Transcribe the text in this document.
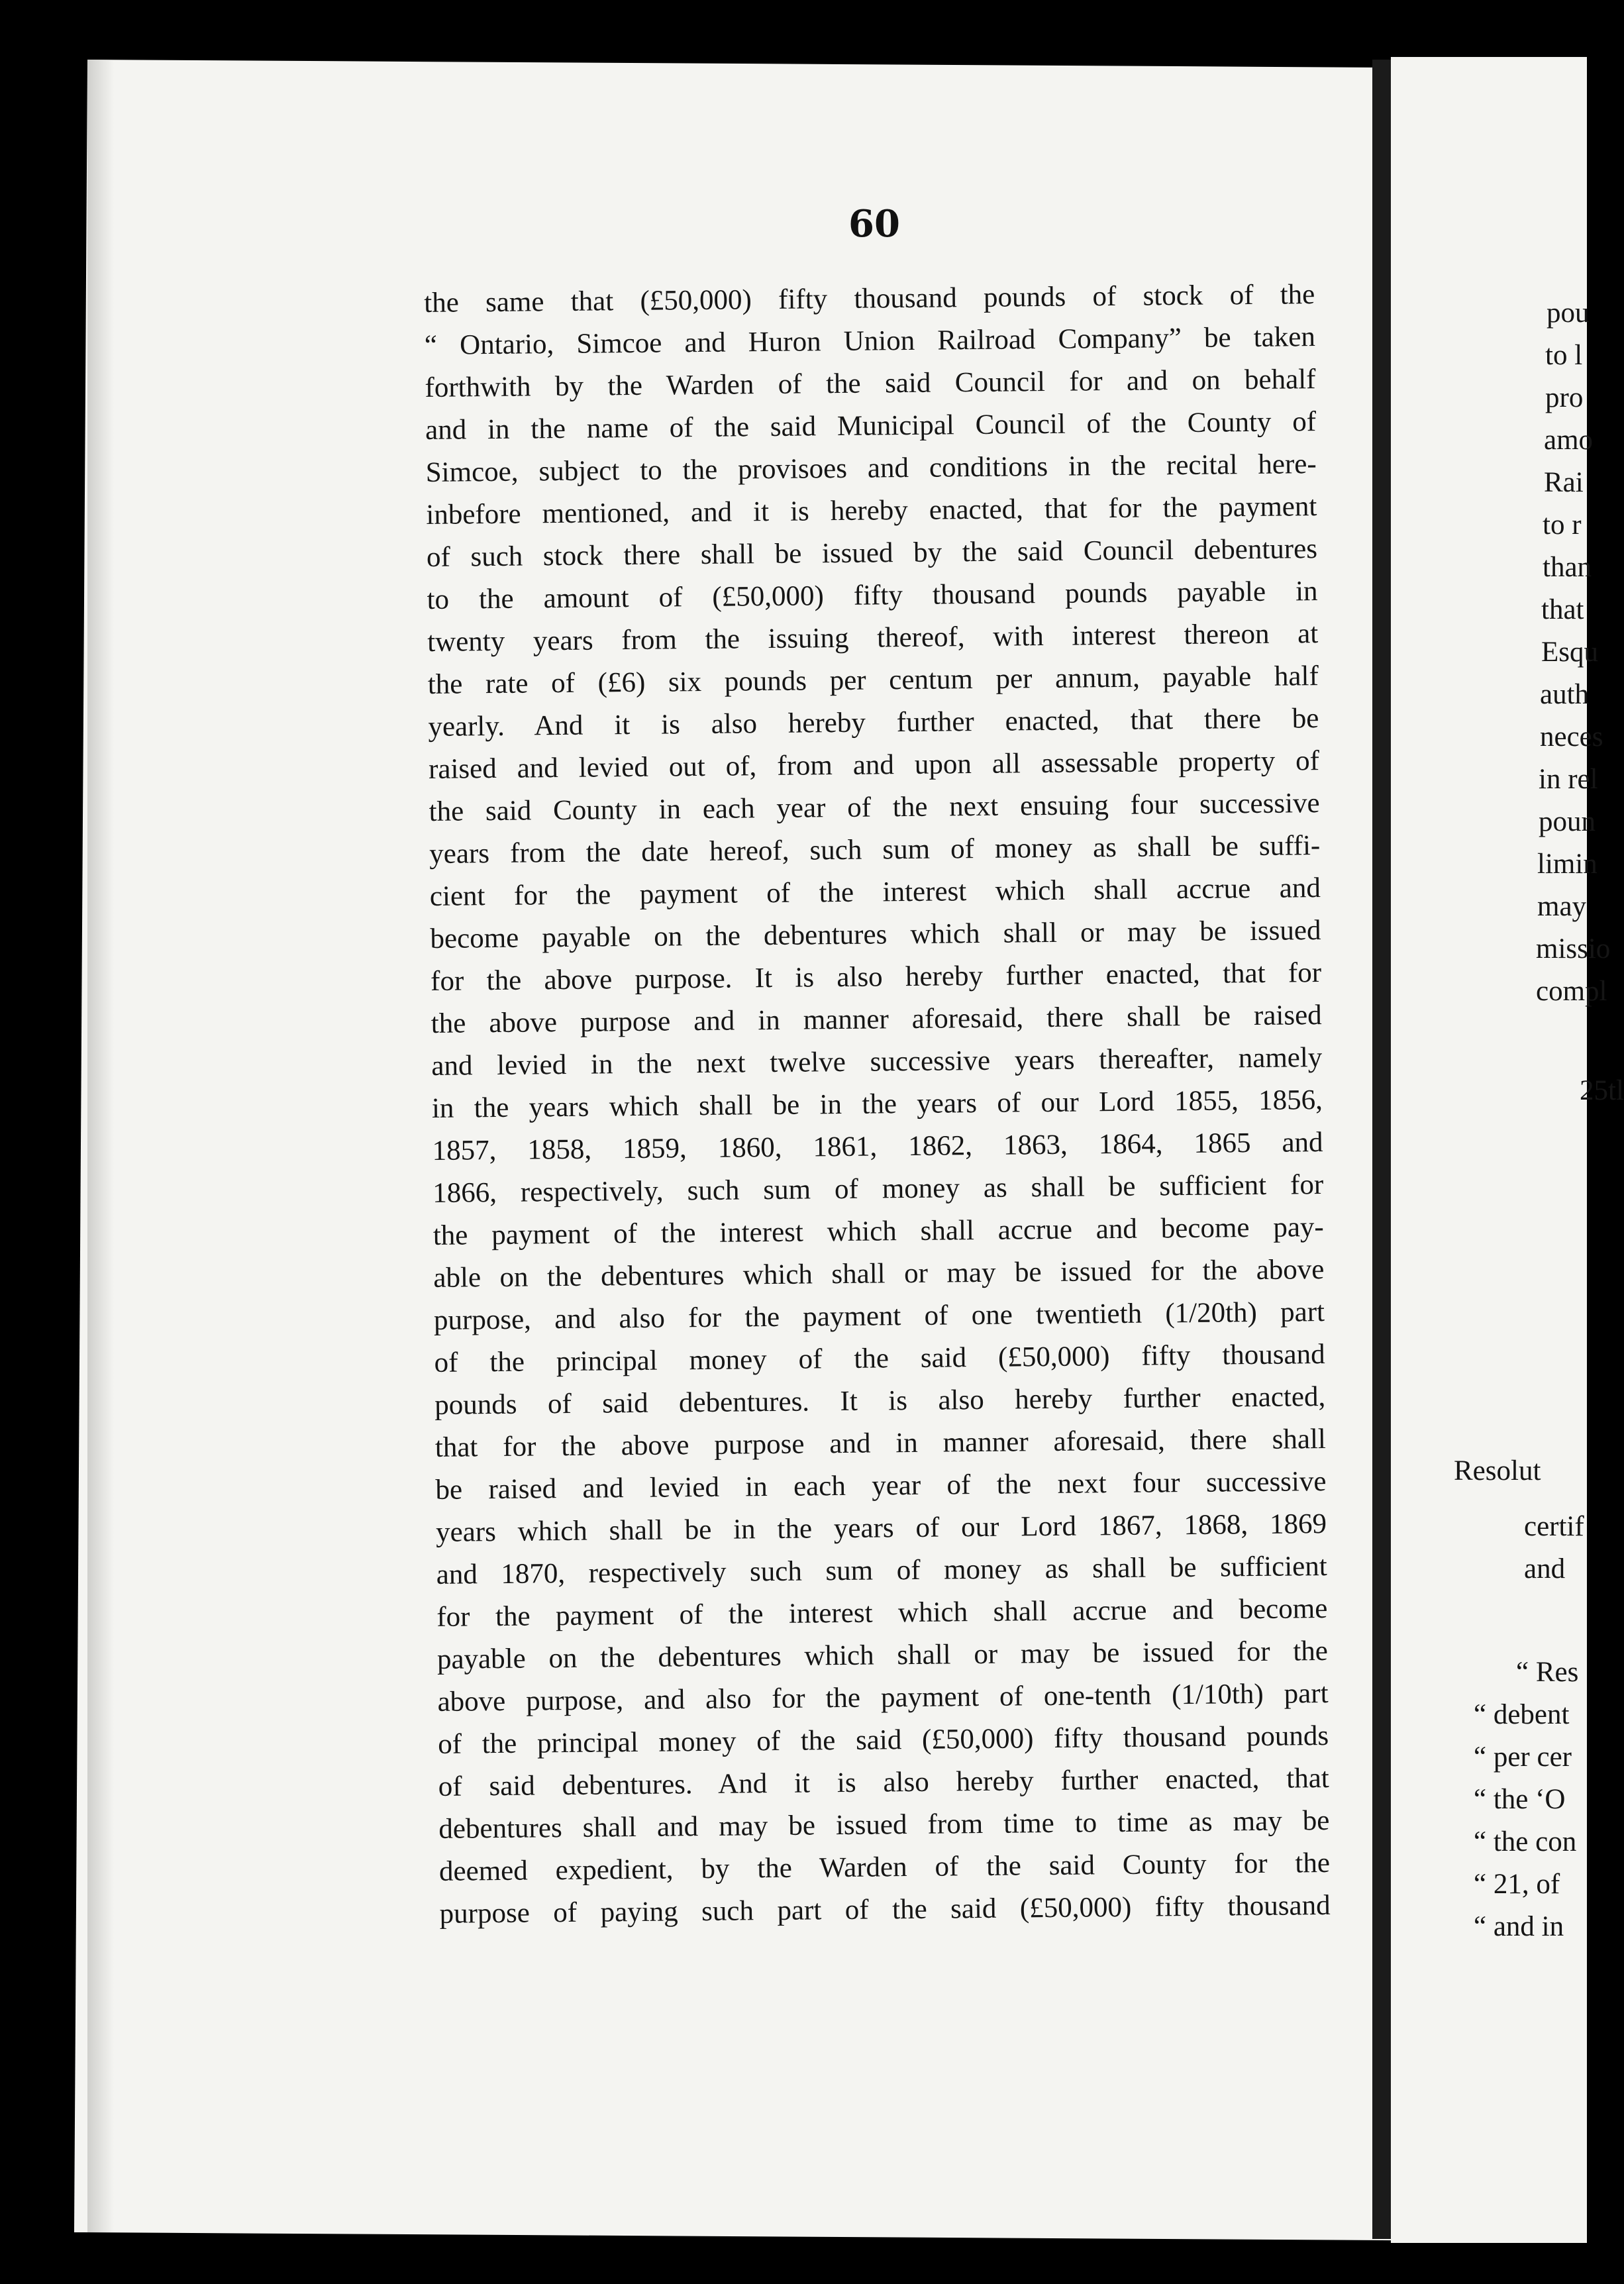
60
the same that (£50,000) fifty thousand pounds of stock of the
“ Ontario, Simcoe and Huron Union Railroad Company” be taken
forthwith by the Warden of the said Council for and on behalf
and in the name of the said Municipal Council of the County of
Simcoe, subject to the provisoes and conditions in the recital here-
inbefore mentioned, and it is hereby enacted, that for the payment
of such stock there shall be issued by the said Council debentures
to the amount of (£50,000) fifty thousand pounds payable in
twenty years from the issuing thereof, with interest thereon at
the rate of (£6) six pounds per centum per annum, payable half
yearly. And it is also hereby further enacted, that there be
raised and levied out of, from and upon all assessable property of
the said County in each year of the next ensuing four successive
years from the date hereof, such sum of money as shall be suffi-
cient for the payment of the interest which shall accrue and
become payable on the debentures which shall or may be issued
for the above purpose. It is also hereby further enacted, that for
the above purpose and in manner aforesaid, there shall be raised
and levied in the next twelve successive years thereafter, namely
in the years which shall be in the years of our Lord 1855, 1856,
1857, 1858, 1859, 1860, 1861, 1862, 1863, 1864, 1865 and
1866, respectively, such sum of money as shall be sufficient for
the payment of the interest which shall accrue and become pay-
able on the debentures which shall or may be issued for the above
purpose, and also for the payment of one twentieth (1/20th) part
of the principal money of the said (£50,000) fifty thousand
pounds of said debentures. It is also hereby further enacted,
that for the above purpose and in manner aforesaid, there shall
be raised and levied in each year of the next four successive
years which shall be in the years of our Lord 1867, 1868, 1869
and 1870, respectively such sum of money as shall be sufficient
for the payment of the interest which shall accrue and become
payable on the debentures which shall or may be issued for the
above purpose, and also for the payment of one-tenth (1/10th) part
of the principal money of the said (£50,000) fifty thousand pounds
of said debentures. And it is also hereby further enacted, that
debentures shall and may be issued from time to time as may be
deemed expedient, by the Warden of the said County for the
purpose of paying such part of the said (£50,000) fifty thousand
pou
to l
pro
amo
Rai
to r
than
that
Esqu
auth
neces
in rel
poun
limin
may
missio
compl
25tl
Resolut
certif
and
“ Res
“ debent
“ per cer
“ the ‘O
“ the con
“ 21, of
“ and in
